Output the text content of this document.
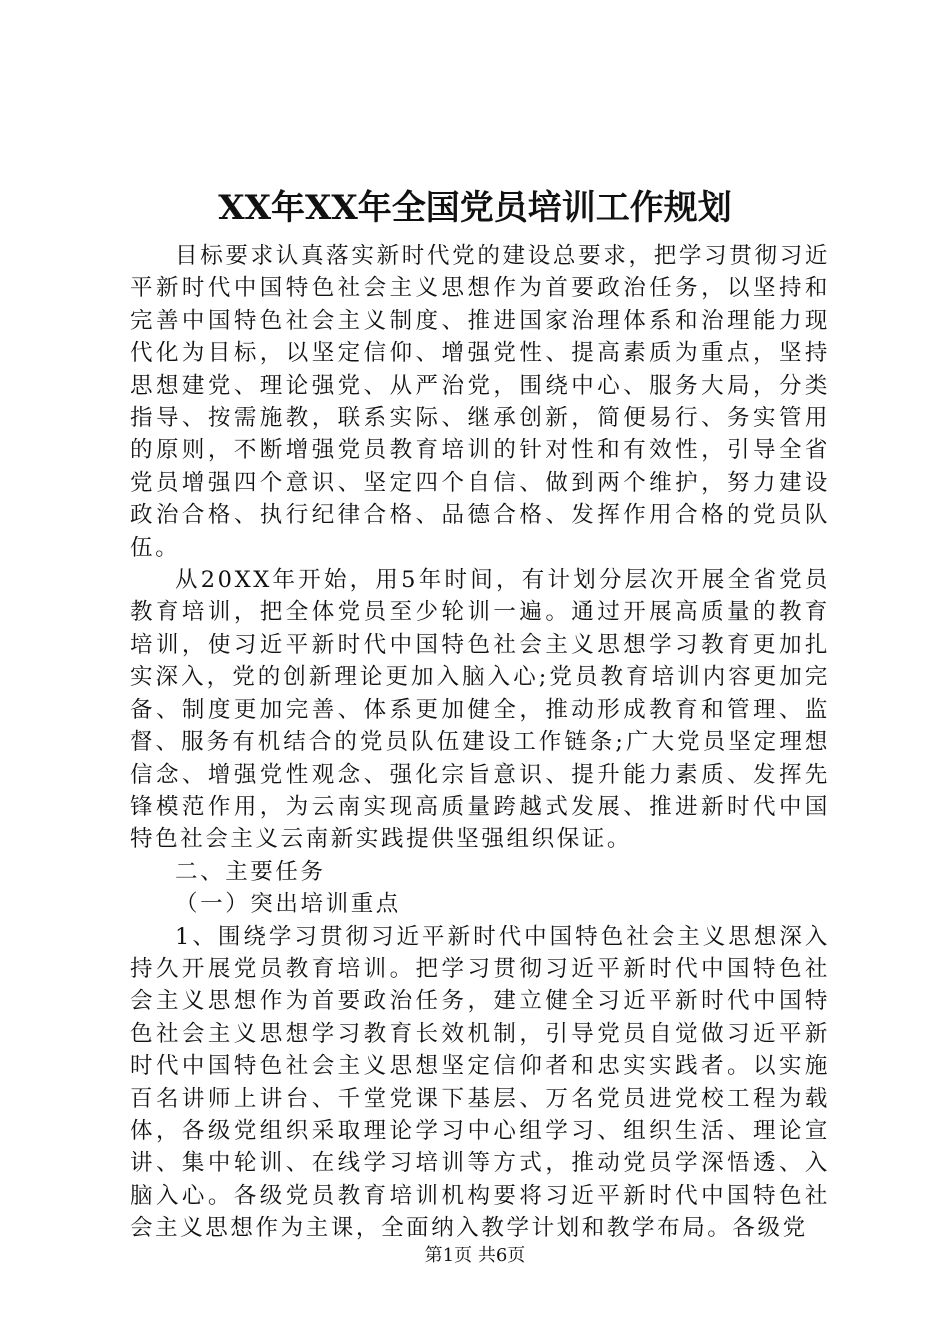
XX年XX年全国党员培训工作规划

目标要求认真落实新时代党的建设总要求，把学习贯彻习近平新时代中国特色社会主义思想作为首要政治任务，以坚持和完善中国特色社会主义制度、推进国家治理体系和治理能力现代化为目标，以坚定信仰、增强党性、提高素质为重点，坚持思想建党、理论强党、从严治党，围绕中心、服务大局，分类指导、按需施教，联系实际、继承创新，简便易行、务实管用的原则，不断增强党员教育培训的针对性和有效性，引导全省党员增强四个意识、坚定四个自信、做到两个维护，努力建设政治合格、执行纪律合格、品德合格、发挥作用合格的党员队伍。

从20XX年开始，用5年时间，有计划分层次开展全省党员教育培训，把全体党员至少轮训一遍。通过开展高质量的教育培训，使习近平新时代中国特色社会主义思想学习教育更加扎实深入，党的创新理论更加入脑入心;党员教育培训内容更加完备、制度更加完善、体系更加健全，推动形成教育和管理、监督、服务有机结合的党员队伍建设工作链条;广大党员坚定理想信念、增强党性观念、强化宗旨意识、提升能力素质、发挥先锋模范作用，为云南实现高质量跨越式发展、推进新时代中国特色社会主义云南新实践提供坚强组织保证。

二、主要任务

（一）突出培训重点

1、围绕学习贯彻习近平新时代中国特色社会主义思想深入持久开展党员教育培训。把学习贯彻习近平新时代中国特色社会主义思想作为首要政治任务，建立健全习近平新时代中国特色社会主义思想学习教育长效机制，引导党员自觉做习近平新时代中国特色社会主义思想坚定信仰者和忠实实践者。以实施百名讲师上讲台、千堂党课下基层、万名党员进党校工程为载体，各级党组织采取理论学习中心组学习、组织生活、理论宣讲、集中轮训、在线学习培训等方式，推动党员学深悟透、入脑入心。各级党员教育培训机构要将习近平新时代中国特色社会主义思想作为主课，全面纳入教学计划和教学布局。各级党

第1页 共6页
